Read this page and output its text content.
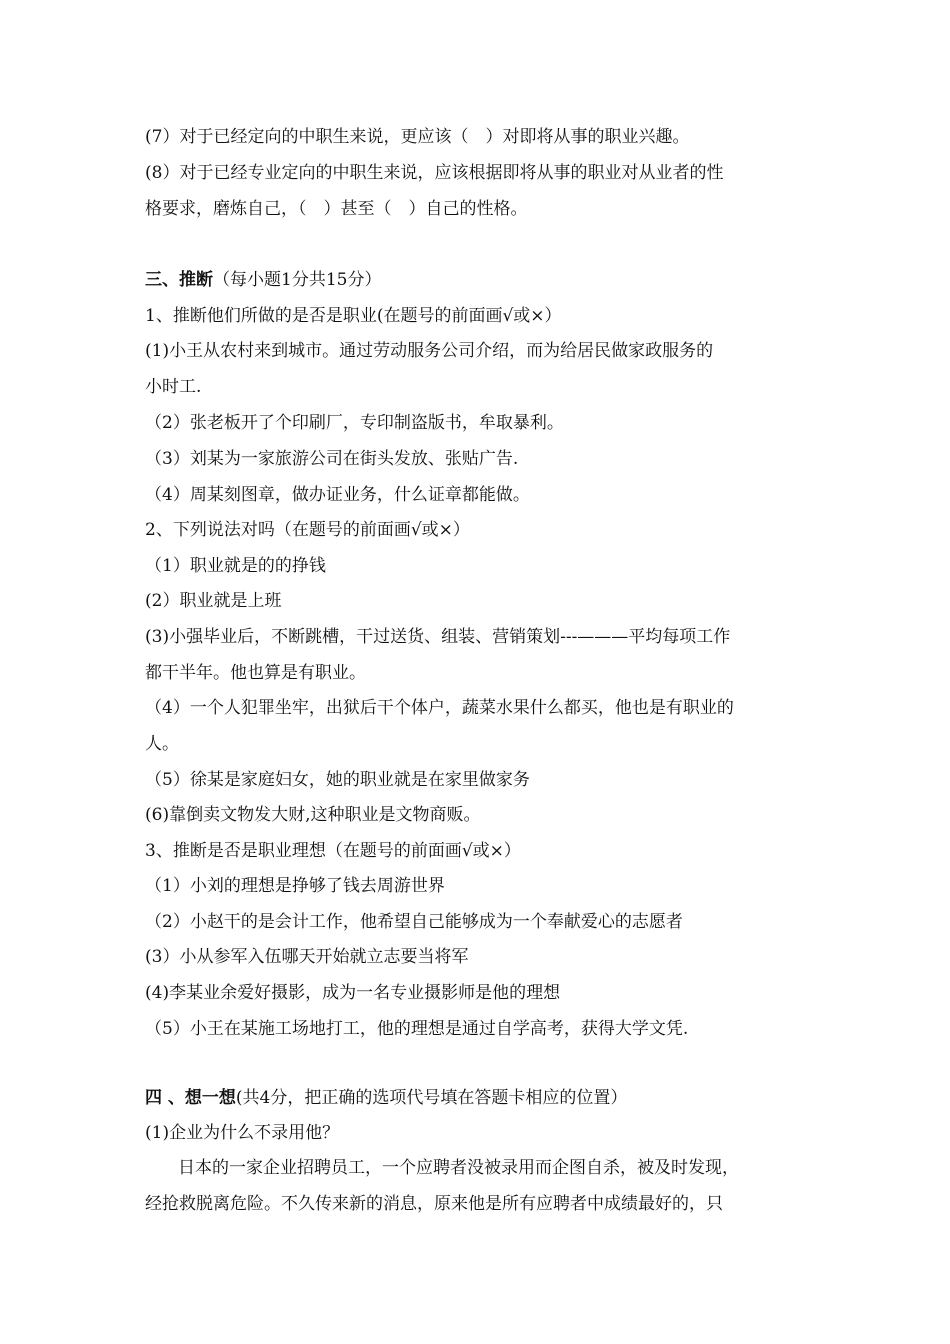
(7）对于已经定向的中职生来说，更应该（　）对即将从事的职业兴趣。
(8）对于已经专业定向的中职生来说，应该根据即将从事的职业对从业者的性
格要求，磨炼自己，（　）甚至（　）自己的性格。
三、推断（每小题1分共15分）
1、推断他们所做的是否是职业(在题号的前面画√或×）
(1)小王从农村来到城市。通过劳动服务公司介绍，而为给居民做家政服务的
小时工.
（2）张老板开了个印刷厂，专印制盗版书，牟取暴利。
（3）刘某为一家旅游公司在街头发放、张贴广告.
（4）周某刻图章，做办证业务，什么证章都能做。
2、下列说法对吗（在题号的前面画√或×）
（1）职业就是的的挣钱
(2）职业就是上班
(3)小强毕业后，不断跳槽，干过送货、组装、营销策划---———平均每项工作
都干半年。他也算是有职业。
（4）一个人犯罪坐牢，出狱后干个体户，蔬菜水果什么都买，他也是有职业的
人。
（5）徐某是家庭妇女，她的职业就是在家里做家务
(6)靠倒卖文物发大财,这种职业是文物商贩。
3、推断是否是职业理想（在题号的前面画√或×）
（1）小刘的理想是挣够了钱去周游世界
（2）小赵干的是会计工作，他希望自己能够成为一个奉献爱心的志愿者
(3）小从参军入伍哪天开始就立志要当将军
(4)李某业余爱好摄影，成为一名专业摄影师是他的理想
（5）小王在某施工场地打工，他的理想是通过自学高考，获得大学文凭.
四 、想一想(共4分，把正确的选项代号填在答题卡相应的位置）
(1)企业为什么不录用他？
日本的一家企业招聘员工，一个应聘者没被录用而企图自杀，被及时发现，
经抢救脱离危险。不久传来新的消息，原来他是所有应聘者中成绩最好的，只
